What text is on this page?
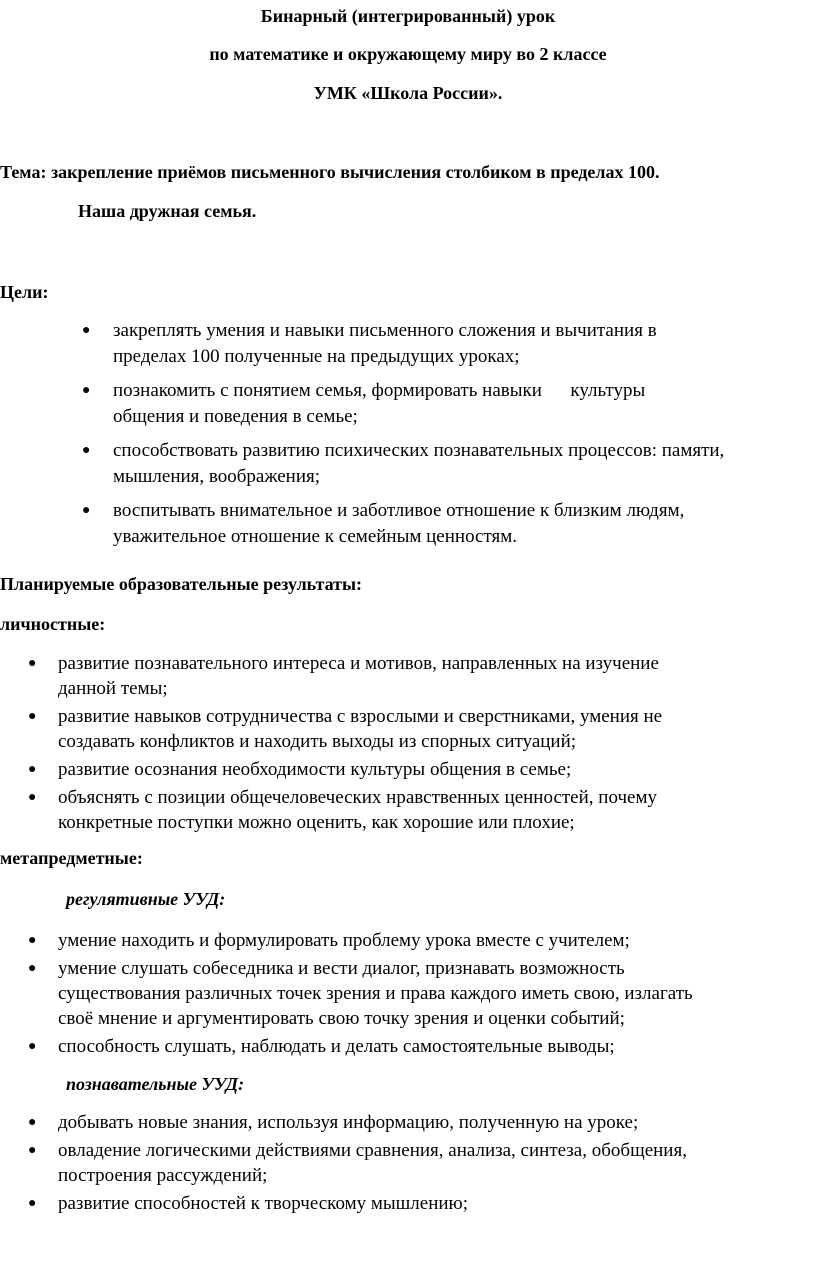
Бинарный (интегрированный) урок
по математике и окружающему миру во 2 классе
УМК «Школа России».
Тема: закрепление приёмов письменного вычисления столбиком в пределах 100.
Наша дружная семья.
Цели:
● закреплять умения и навыки письменного сложения и вычитания в
пределах 100 полученные на предыдущих уроках;
● познакомить с понятием семья, формировать навыки      культуры
общения и поведения в семье;
● способствовать развитию психических познавательных процессов: памяти,
мышления, воображения;
● воспитывать внимательное и заботливое отношение к близким людям,
уважительное отношение к семейным ценностям.
Планируемые образовательные результаты:
личностные:
● развитие познавательного интереса и мотивов, направленных на изучение
данной темы;
● развитие навыков сотрудничества с взрослыми и сверстниками, умения не
создавать конфликтов и находить выходы из спорных ситуаций;
● развитие осознания необходимости культуры общения в семье;
● объяснять с позиции общечеловеческих нравственных ценностей, почему
конкретные поступки можно оценить, как хорошие или плохие;
метапредметные:
регулятивные УУД:
● умение находить и формулировать проблему урока вместе с учителем;
● умение слушать собеседника и вести диалог, признавать возможность
существования различных точек зрения и права каждого иметь свою, излагать
своё мнение и аргументировать свою точку зрения и оценки событий;
● способность слушать, наблюдать и делать самостоятельные выводы;
познавательные УУД:
● добывать новые знания, используя информацию, полученную на уроке;
● овладение логическими действиями сравнения, анализа, синтеза, обобщения,
построения рассуждений;
● развитие способностей к творческому мышлению;
